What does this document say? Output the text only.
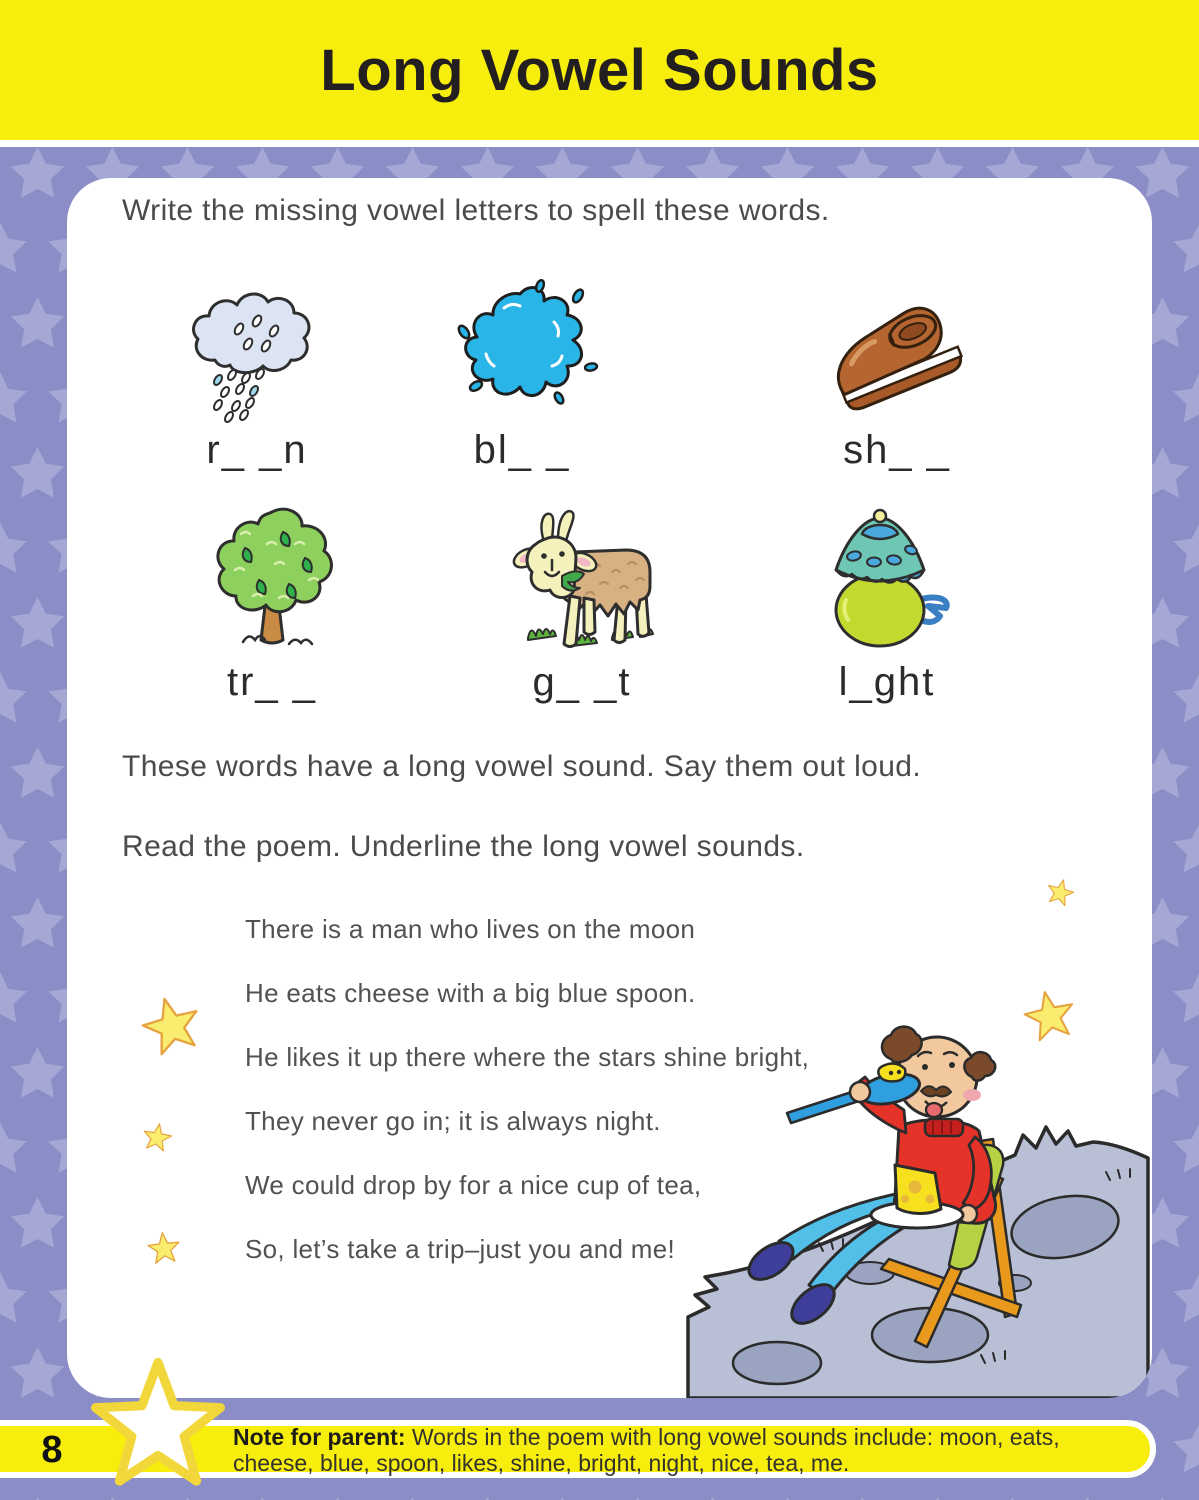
Long Vowel Sounds

Write the missing vowel letters to spell these words.

r_ _n	bl_ _	sh_ _
tr_ _	g_ _t	l_ght

These words have a long vowel sound. Say them out loud.

Read the poem. Underline the long vowel sounds.

There is a man who lives on the moon

He eats cheese with a big blue spoon.

He likes it up there where the stars shine bright,

They never go in; it is always night.

We could drop by for a nice cup of tea,

So, let’s take a trip–just you and me!

8	Note for parent: Words in the poem with long vowel sounds include: moon, eats, cheese, blue, spoon, likes, shine, bright, night, nice, tea, me.
